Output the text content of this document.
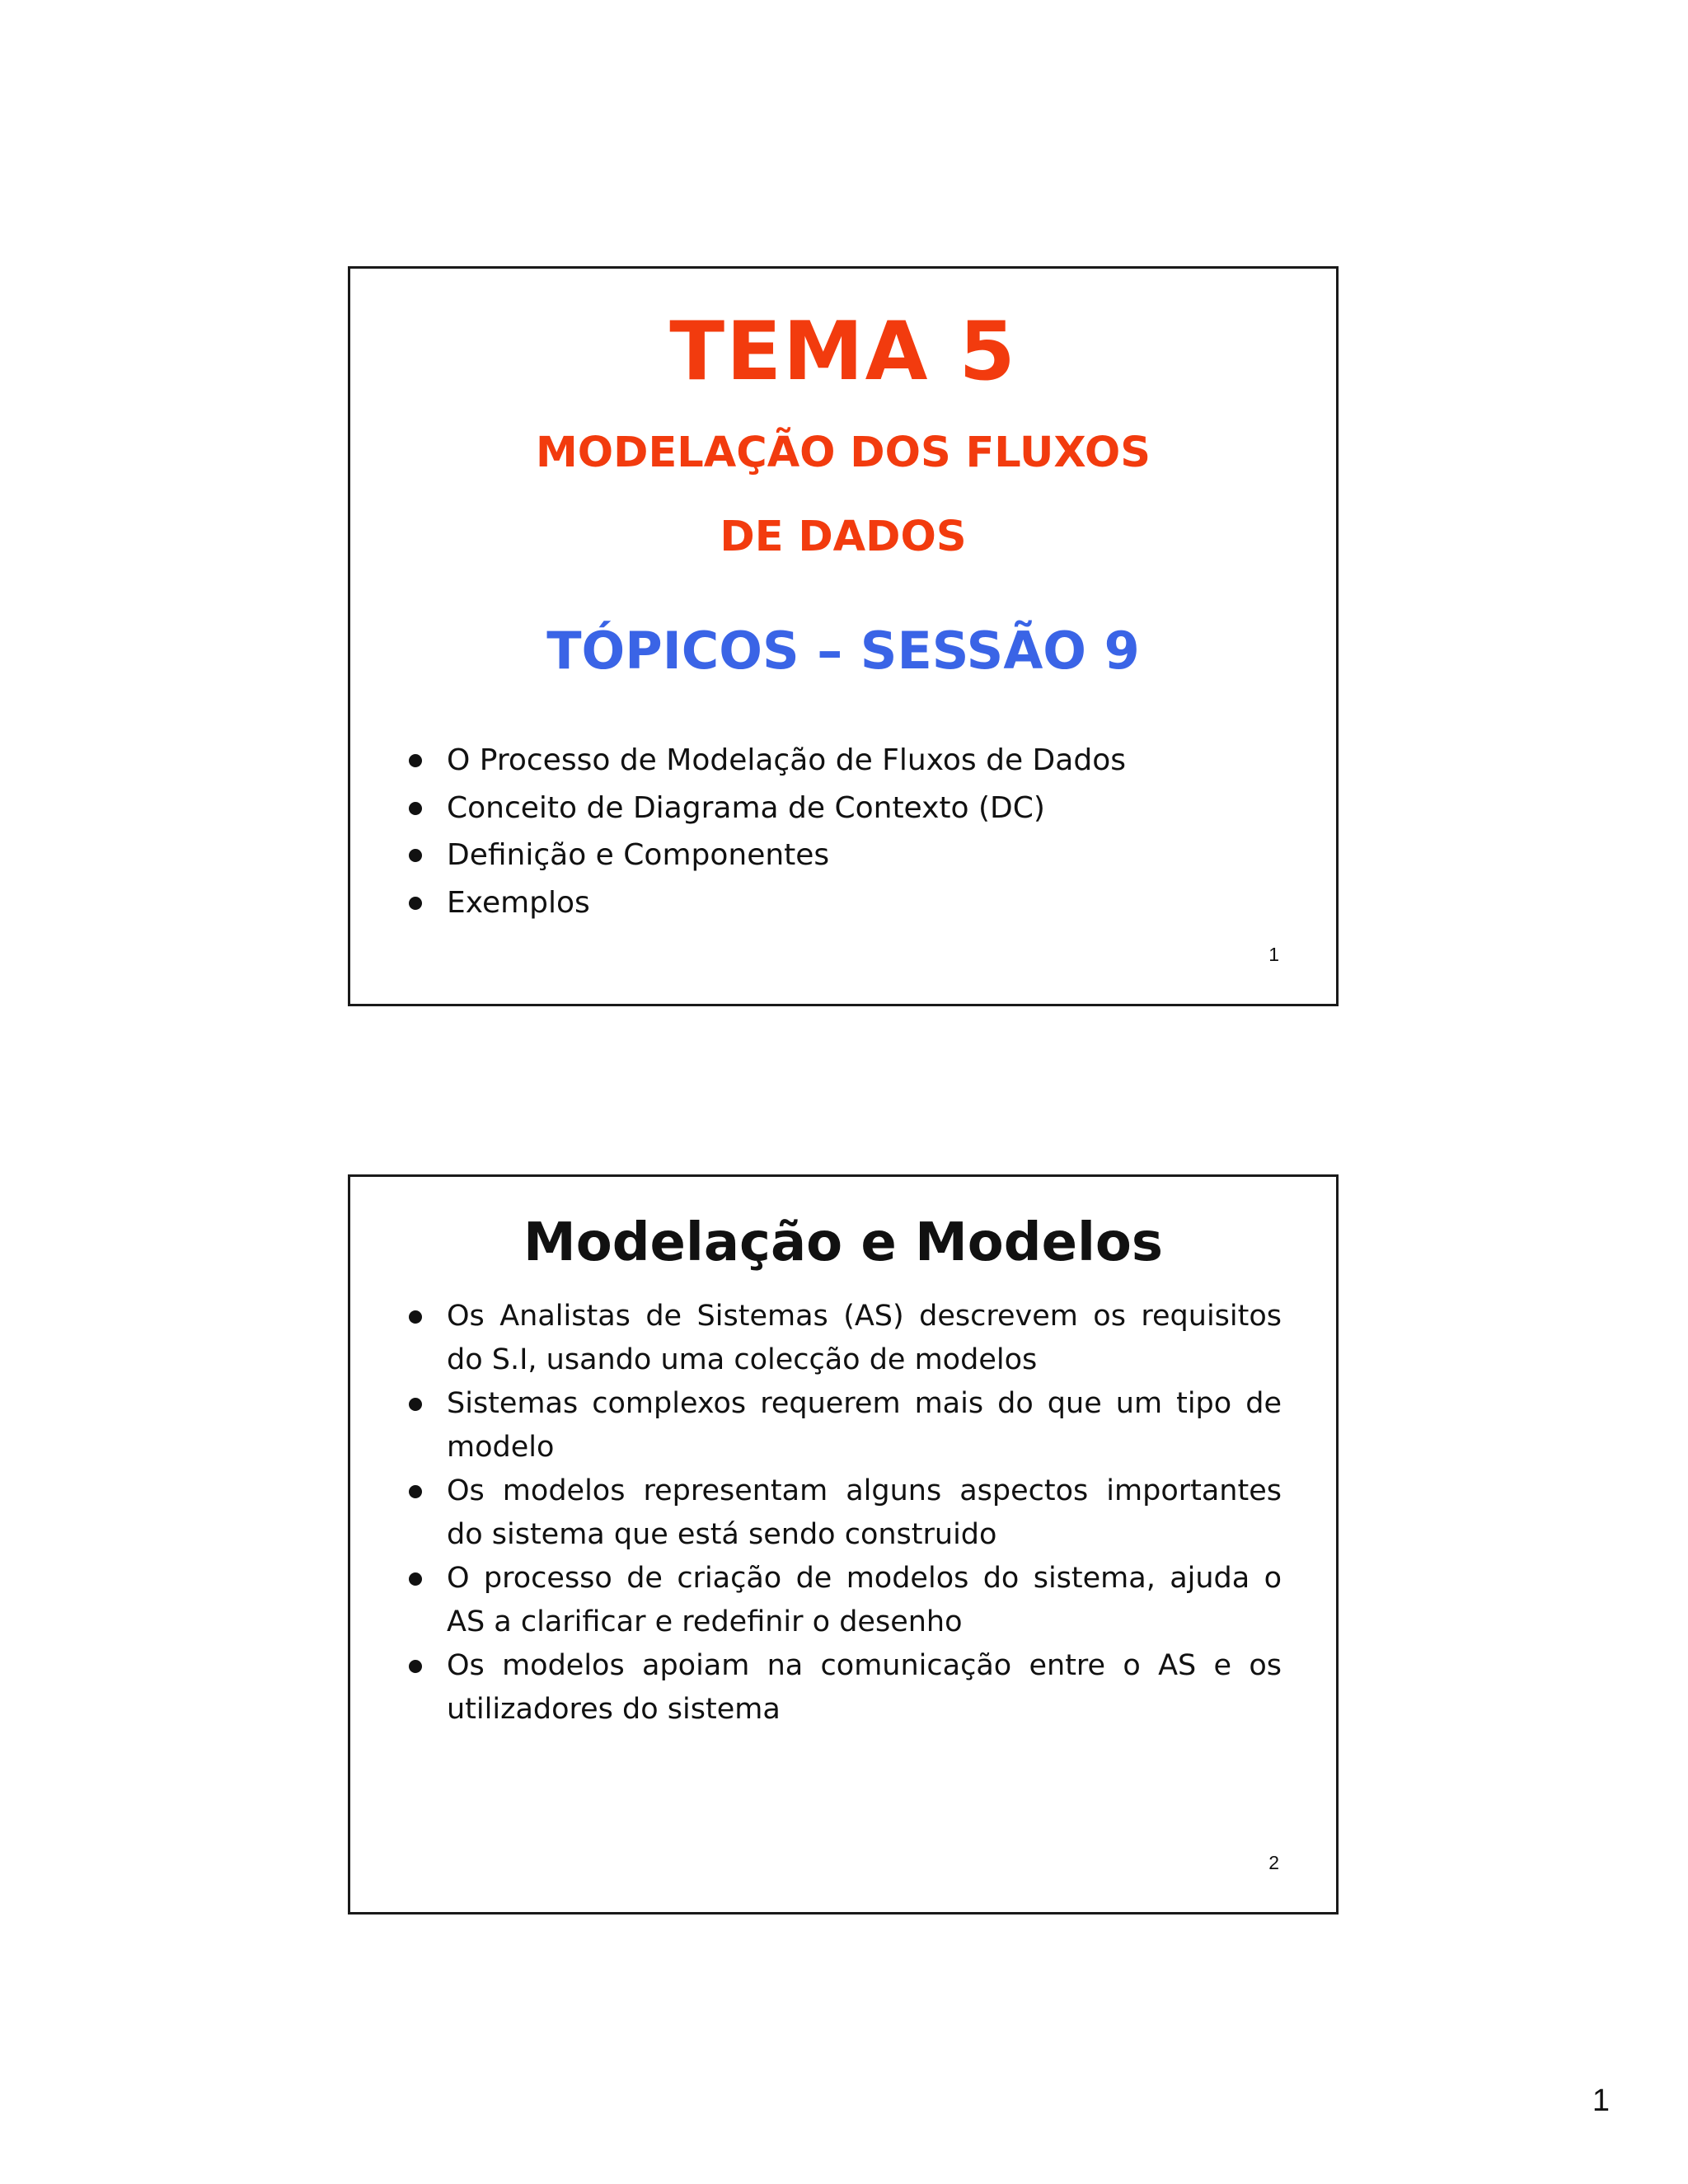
TEMA 5
MODELAÇÃO DOS FLUXOS
DE DADOS
TÓPICOS – SESSÃO 9
O Processo de Modelação de Fluxos de Dados
Conceito de Diagrama de Contexto (DC)
Definição e Componentes
Exemplos
1
Modelação e Modelos
Os Analistas de Sistemas (AS) descrevem os requisitos do S.I, usando uma colecção de modelos
Sistemas complexos requerem mais do que um tipo de modelo
Os modelos representam alguns aspectos importantes do sistema que está sendo construido
O processo de criação de modelos do sistema, ajuda o AS a clarificar e redefinir o desenho
Os modelos apoiam na comunicação entre o AS e os utilizadores do sistema
2
1
